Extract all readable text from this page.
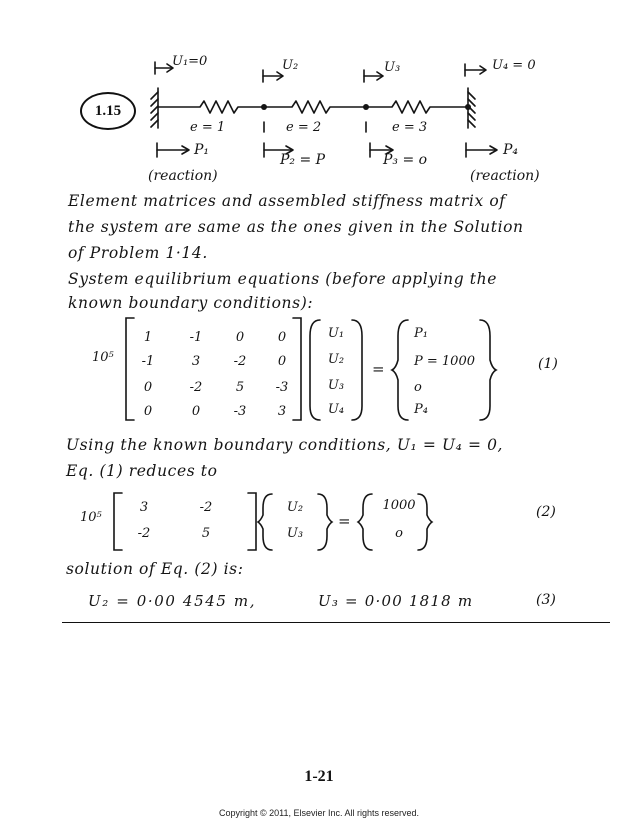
1.15
U₁=0	U₂	U₃	U₄ = 0
e = 1	e = 2	e = 3
P₁
P₂ = P	P₃ = o
P₄
(reaction)	(reaction)
Element matrices and assembled stiffness matrix of
the system are same as the ones given in the Solution
of Problem 1·14.
System equilibrium equations (before applying the
known boundary conditions):
10⁵
1	-1	0	0
-1	3	-2	0
0	-2	5	-3
0	0	-3	3
U₁
U₂
U₃
U₄
=
P₁
P = 1000
o
P₄
(1)
Using the known boundary conditions, U₁ = U₄ = 0,
Eq. (1) reduces to
10⁵
3	-2
-2	5
U₂
U₃
=
1000
o
(2)
solution of Eq. (2) is:
U₂ = 0·00 4545 m,	U₃ = 0·00 1818 m	(3)
1-21
Copyright © 2011, Elsevier Inc. All rights reserved.
